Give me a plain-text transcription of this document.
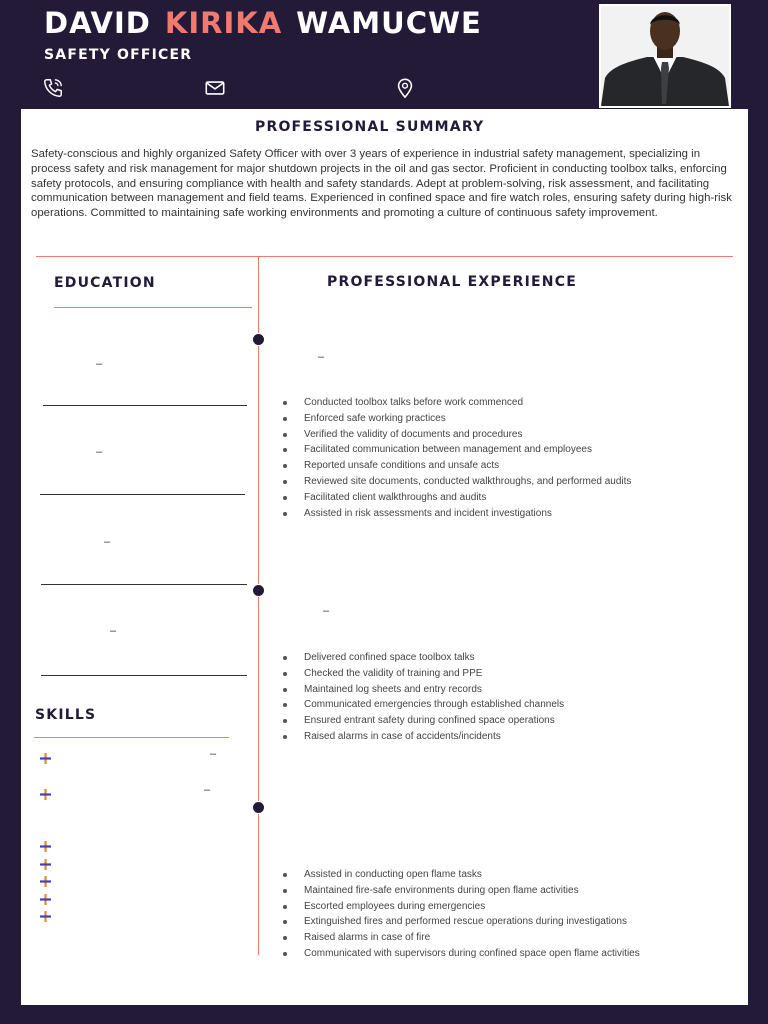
DAVID KIRIKA WAMUCWE
SAFETY OFFICER
PROFESSIONAL SUMMARY
Safety-conscious and highly organized Safety Officer with over 3 years of experience in industrial safety management, specializing in process safety and risk management for major shutdown projects in the oil and gas sector. Proficient in conducting toolbox talks, enforcing safety protocols, and ensuring compliance with health and safety standards. Adept at problem-solving, risk assessment, and facilitating communication between management and field teams. Experienced in confined space and fire watch roles, ensuring safety during high-risk operations. Committed to maintaining safe working environments and promoting a culture of continuous safety improvement.
EDUCATION
–
–
–
–
SKILLS
–
–
PROFESSIONAL EXPERIENCE
–
Conducted toolbox talks before work commenced
Enforced safe working practices
Verified the validity of documents and procedures
Facilitated communication between management and employees
Reported unsafe conditions and unsafe acts
Reviewed site documents, conducted walkthroughs, and performed audits
Facilitated client walkthroughs and audits
Assisted in risk assessments and incident investigations
–
Delivered confined space toolbox talks
Checked the validity of training and PPE
Maintained log sheets and entry records
Communicated emergencies through established channels
Ensured entrant safety during confined space operations
Raised alarms in case of accidents/incidents
Assisted in conducting open flame tasks
Maintained fire-safe environments during open flame activities
Escorted employees during emergencies
Extinguished fires and performed rescue operations during investigations
Raised alarms in case of fire
Communicated with supervisors during confined space open flame activities
